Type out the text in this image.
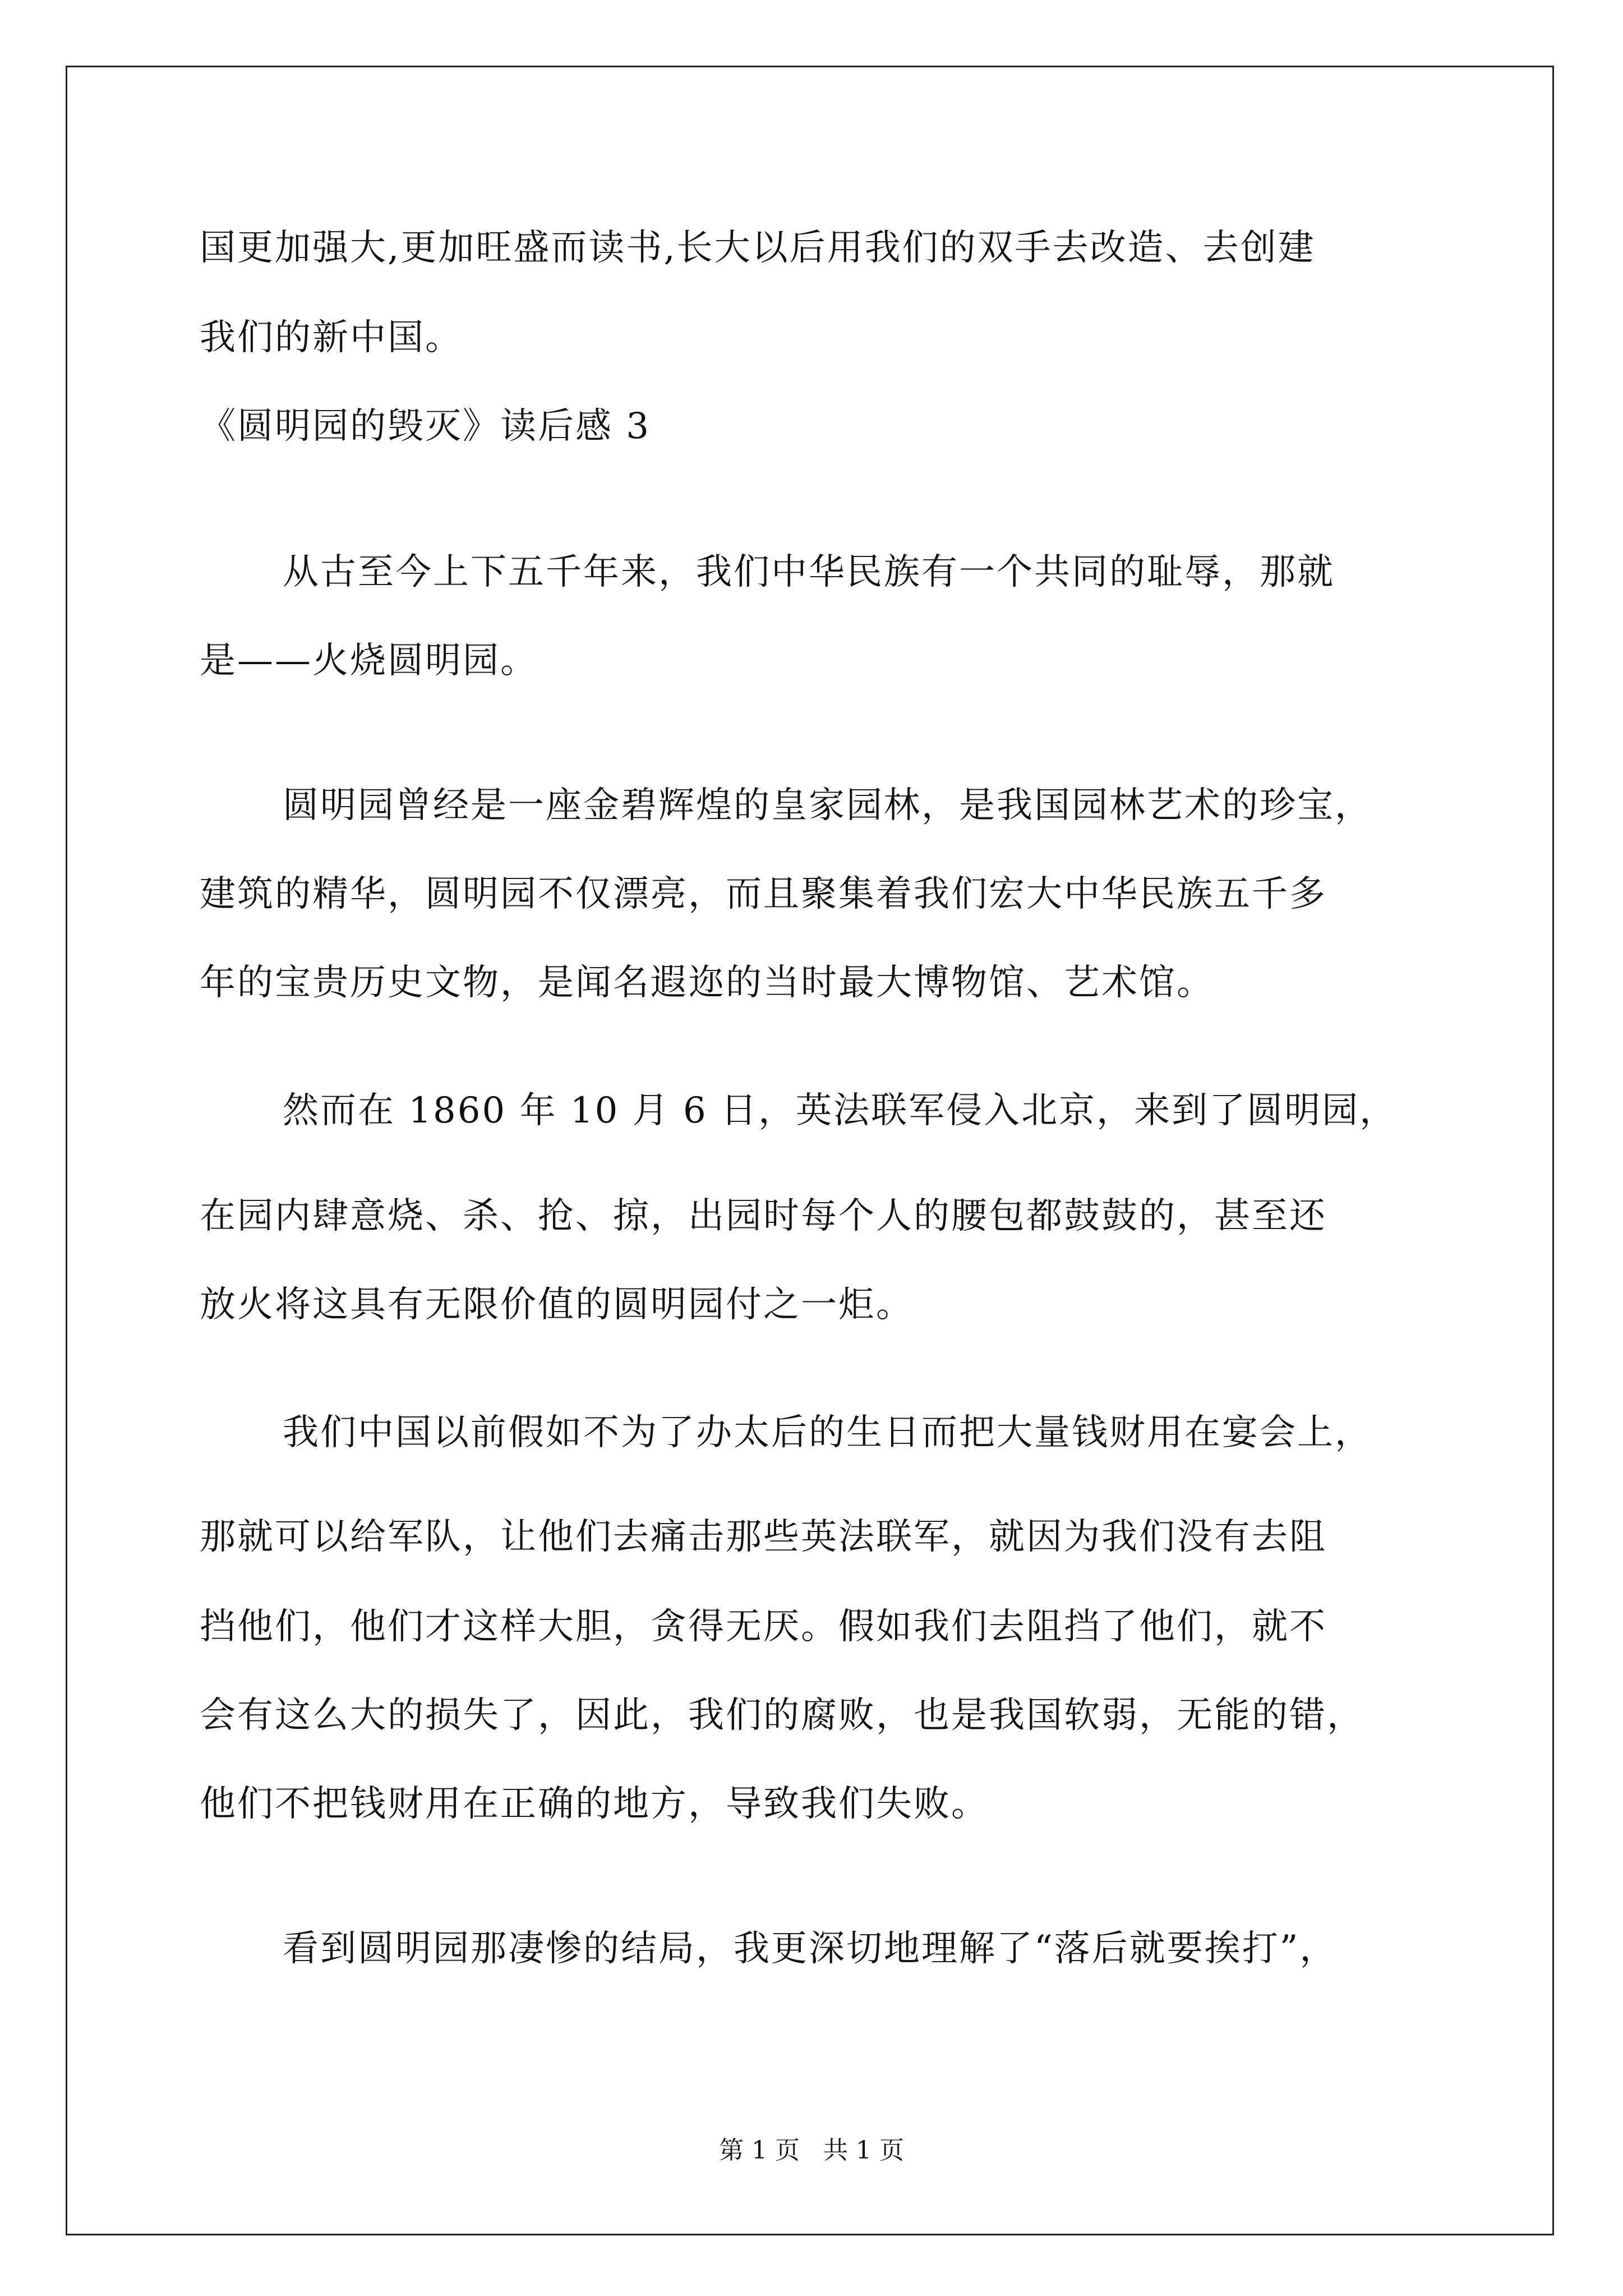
国更加强大,更加旺盛而读书,长大以后用我们的双手去改造、去创建
我们的新中国。
《圆明园的毁灭》读后感 3
从古至今上下五千年来，我们中华民族有一个共同的耻辱，那就
是——火烧圆明园。
圆明园曾经是一座金碧辉煌的皇家园林，是我国园林艺术的珍宝，
建筑的精华，圆明园不仅漂亮，而且聚集着我们宏大中华民族五千多
年的宝贵历史文物，是闻名遐迩的当时最大博物馆、艺术馆。
然而在 1860 年 10 月 6 日，英法联军侵入北京，来到了圆明园，
在园内肆意烧、杀、抢、掠，出园时每个人的腰包都鼓鼓的，甚至还
放火将这具有无限价值的圆明园付之一炬。
我们中国以前假如不为了办太后的生日而把大量钱财用在宴会上，
那就可以给军队，让他们去痛击那些英法联军，就因为我们没有去阻
挡他们，他们才这样大胆，贪得无厌。假如我们去阻挡了他们，就不
会有这么大的损失了，因此，我们的腐败，也是我国软弱，无能的错，
他们不把钱财用在正确的地方，导致我们失败。
看到圆明园那凄惨的结局，我更深切地理解了“落后就要挨打”，
第 1 页   共 1 页
